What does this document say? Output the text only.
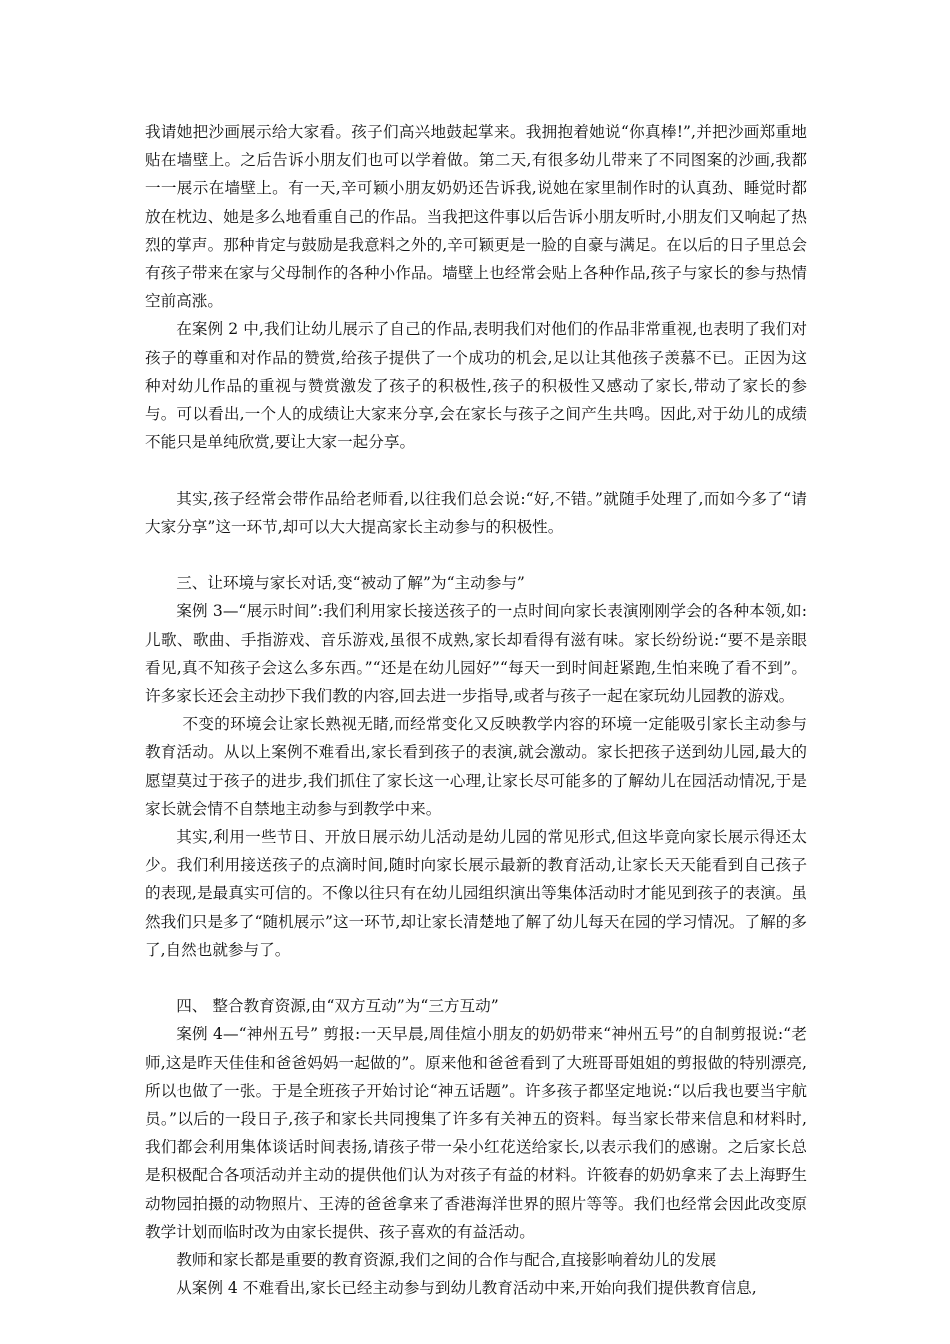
我请她把沙画展示给大家看。孩子们高兴地鼓起掌来。我拥抱着她说“你真棒!”,并把沙画郑重地贴在墙壁上。之后告诉小朋友们也可以学着做。第二天,有很多幼儿带来了不同图案的沙画,我都一一展示在墙壁上。有一天,辛可颖小朋友奶奶还告诉我,说她在家里制作时的认真劲、睡觉时都放在枕边、她是多么地看重自己的作品。当我把这件事以后告诉小朋友听时,小朋友们又响起了热烈的掌声。那种肯定与鼓励是我意料之外的,辛可颖更是一脸的自豪与满足。在以后的日子里总会有孩子带来在家与父母制作的各种小作品。墙壁上也经常会贴上各种作品,孩子与家长的参与热情空前高涨。

在案例 2 中,我们让幼儿展示了自己的作品,表明我们对他们的作品非常重视,也表明了我们对孩子的尊重和对作品的赞赏,给孩子提供了一个成功的机会,足以让其他孩子羡慕不已。正因为这种对幼儿作品的重视与赞赏激发了孩子的积极性,孩子的积极性又感动了家长,带动了家长的参与。可以看出,一个人的成绩让大家来分享,会在家长与孩子之间产生共鸣。因此,对于幼儿的成绩不能只是单纯欣赏,要让大家一起分享。

其实,孩子经常会带作品给老师看,以往我们总会说:“好,不错。”就随手处理了,而如今多了“请大家分享”这一环节,却可以大大提高家长主动参与的积极性。

三、让环境与家长对话,变“被动了解”为“主动参与”

案例 3—“展示时间”:我们利用家长接送孩子的一点时间向家长表演刚刚学会的各种本领,如:儿歌、歌曲、手指游戏、音乐游戏,虽很不成熟,家长却看得有滋有味。家长纷纷说:“要不是亲眼看见,真不知孩子会这么多东西。”“还是在幼儿园好”“每天一到时间赶紧跑,生怕来晚了看不到”。许多家长还会主动抄下我们教的内容,回去进一步指导,或者与孩子一起在家玩幼儿园教的游戏。

不变的环境会让家长熟视无睹,而经常变化又反映教学内容的环境一定能吸引家长主动参与教育活动。从以上案例不难看出,家长看到孩子的表演,就会激动。家长把孩子送到幼儿园,最大的愿望莫过于孩子的进步,我们抓住了家长这一心理,让家长尽可能多的了解幼儿在园活动情况,于是家长就会情不自禁地主动参与到教学中来。

其实,利用一些节日、开放日展示幼儿活动是幼儿园的常见形式,但这毕竟向家长展示得还太少。我们利用接送孩子的点滴时间,随时向家长展示最新的教育活动,让家长天天能看到自己孩子的表现,是最真实可信的。不像以往只有在幼儿园组织演出等集体活动时才能见到孩子的表演。虽然我们只是多了“随机展示”这一环节,却让家长清楚地了解了幼儿每天在园的学习情况。了解的多了,自然也就参与了。

四、 整合教育资源,由“双方互动”为“三方互动”

案例 4—“神州五号” 剪报:一天早晨,周佳煊小朋友的奶奶带来“神州五号”的自制剪报说:“老师,这是昨天佳佳和爸爸妈妈一起做的”。原来他和爸爸看到了大班哥哥姐姐的剪报做的特别漂亮,所以也做了一张。于是全班孩子开始讨论“神五话题”。许多孩子都坚定地说:“以后我也要当宇航员。”以后的一段日子,孩子和家长共同搜集了许多有关神五的资料。每当家长带来信息和材料时,我们都会利用集体谈话时间表扬,请孩子带一朵小红花送给家长,以表示我们的感谢。之后家长总是积极配合各项活动并主动的提供他们认为对孩子有益的材料。许筱春的奶奶拿来了去上海野生动物园拍摄的动物照片、王涛的爸爸拿来了香港海洋世界的照片等等。我们也经常会因此改变原教学计划而临时改为由家长提供、孩子喜欢的有益活动。

教师和家长都是重要的教育资源,我们之间的合作与配合,直接影响着幼儿的发展

从案例 4 不难看出,家长已经主动参与到幼儿教育活动中来,开始向我们提供教育信息,
